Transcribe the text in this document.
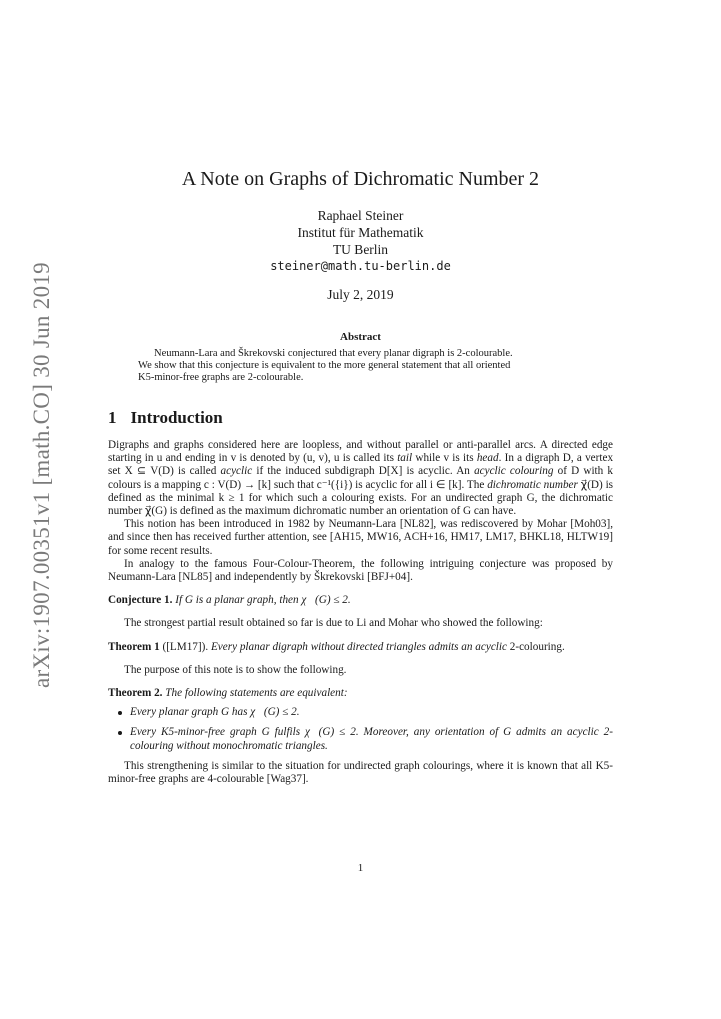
arXiv:1907.00351v1 [math.CO] 30 Jun 2019
A Note on Graphs of Dichromatic Number 2
Raphael Steiner
Institut für Mathematik
TU Berlin
steiner@math.tu-berlin.de
July 2, 2019
Abstract

Neumann-Lara and Škrekovski conjectured that every planar digraph is 2-colourable.

We show that this conjecture is equivalent to the more general statement that all oriented
K5-minor-free graphs are 2-colourable.
1 Introduction

Digraphs and graphs considered here are loopless, and without parallel or anti-parallel arcs. A directed edge starting in u and ending in v is denoted by (u, v), u is called its tail while v is its head. In a digraph D, a vertex set X ⊆ V(D) is called acyclic if the induced subdigraph D[X] is acyclic. An acyclic colouring of D with k colours is a mapping c : V(D) → [k] such that c⁻¹({i}) is acyclic for all i ∈ [k]. The dichromatic number χ⃗(D) is defined as the minimal k ≥ 1 for which such a colouring exists. For an undirected graph G, the dichromatic number χ⃗(G) is defined as the maximum dichromatic number an orientation of G can have.

This notion has been introduced in 1982 by Neumann-Lara [NL82], was rediscovered by Mohar [Moh03], and since then has received further attention, see [AH15, MW16, ACH+16, HM17, LM17, BHKL18, HLTW19] for some recent results.

In analogy to the famous Four-Colour-Theorem, the following intriguing conjecture was proposed by Neumann-Lara [NL85] and independently by Škrekovski [BFJ+04].

Conjecture 1. If G is a planar graph, then χ⃗(G) ≤ 2.

The strongest partial result obtained so far is due to Li and Mohar who showed the following:

Theorem 1 ([LM17]). Every planar digraph without directed triangles admits an acyclic 2-colouring.

The purpose of this note is to show the following.

Theorem 2. The following statements are equivalent:

Every planar graph G has χ⃗(G) ≤ 2.
Every K5-minor-free graph G fulfils χ⃗(G) ≤ 2. Moreover, any orientation of G admits an acyclic 2-colouring without monochromatic triangles.

This strengthening is similar to the situation for undirected graph colourings, where it is known that all K5-minor-free graphs are 4-colourable [Wag37].

1
